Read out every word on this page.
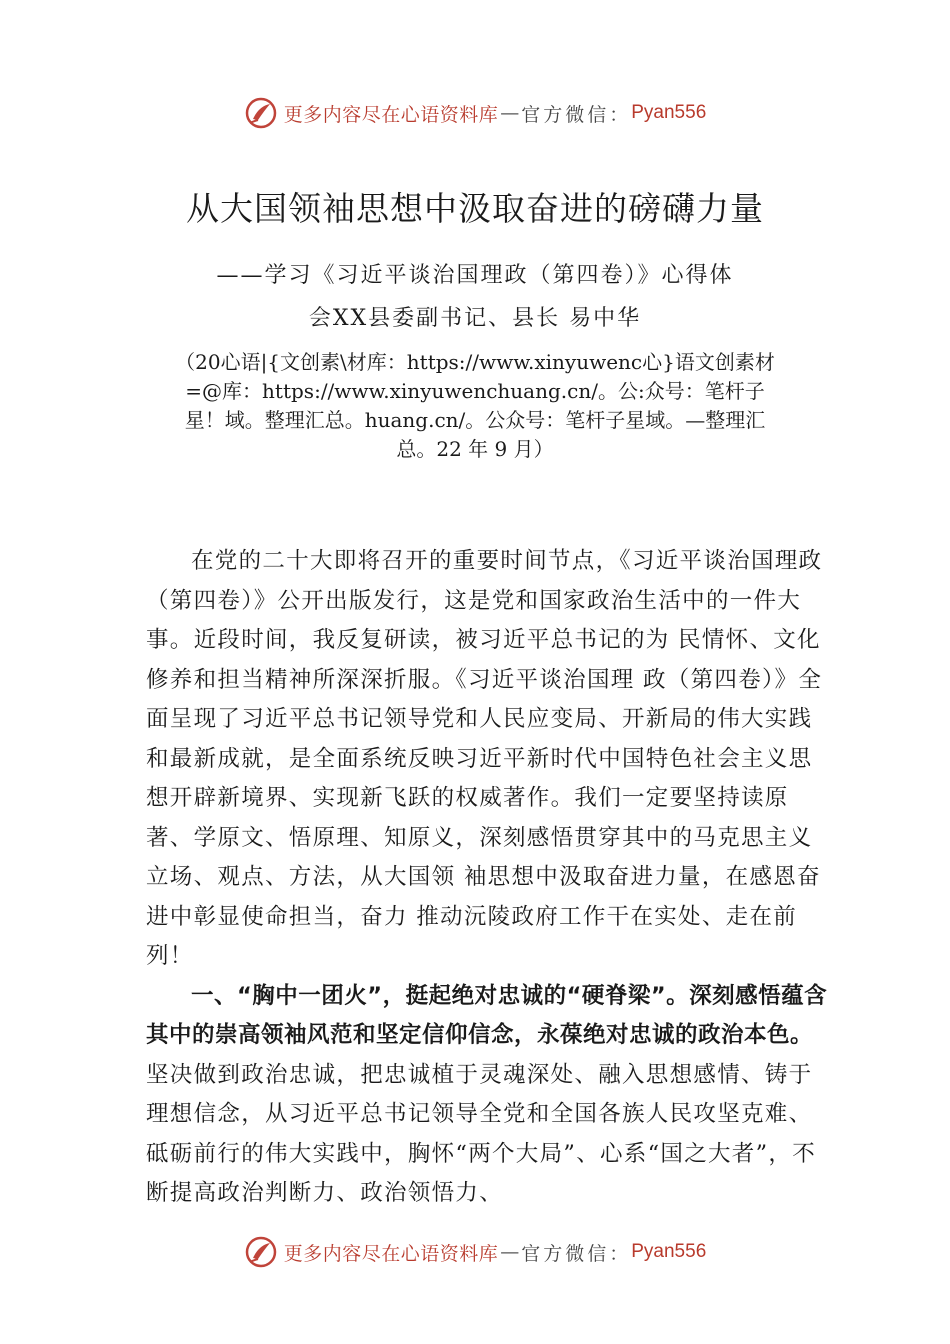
更多内容尽在心语资料库 — 官方微信： Pyan556
从大国领袖思想中汲取奋进的磅礴力量
——学习《习近平谈治国理政（第四卷）》心得体
会XX县委副书记、县长 易中华
（20心语|{文创素\材库：https://www.xinyuwenc心}语文创素材=@库：https://www.xinyuwenchuang.cn/。公:众号：笔杆子星！域。整理汇总。huang.cn/。公众号：笔杆子星域。—整理汇总。22 年 9 月）

在党的二十大即将召开的重要时间节点，《习近平谈治国理政（第四卷）》公开出版发行，这是党和国家政治生活中的一件大事。近段时间，我反复研读，被习近平总书记的为 民情怀、文化修养和担当精神所深深折服。《习近平谈治国理 政（第四卷）》全面呈现了习近平总书记领导党和人民应变局、开新局的伟大实践和最新成就，是全面系统反映习近平新时代中国特色社会主义思想开辟新境界、实现新飞跃的权威著作。我们一定要坚持读原著、学原文、悟原理、知原义，深刻感悟贯穿其中的马克思主义立场、观点、方法，从大国领 袖思想中汲取奋进力量，在感恩奋进中彰显使命担当，奋力 推动沅陵政府工作干在实处、走在前列！

一、“胸中一团火”，挺起绝对忠诚的“硬脊梁”。深刻感悟蕴含其中的崇高领袖风范和坚定信仰信念，永葆绝对忠诚的政治本色。坚决做到政治忠诚，把忠诚植于灵魂深处、融入思想感情、铸于理想信念，从习近平总书记领导全党和全国各族人民攻坚克难、砥砺前行的伟大实践中，胸怀“两个大局”、心系“国之大者”，不断提高政治判断力、政治领悟力、

更多内容尽在心语资料库 — 官方微信： Pyan556
